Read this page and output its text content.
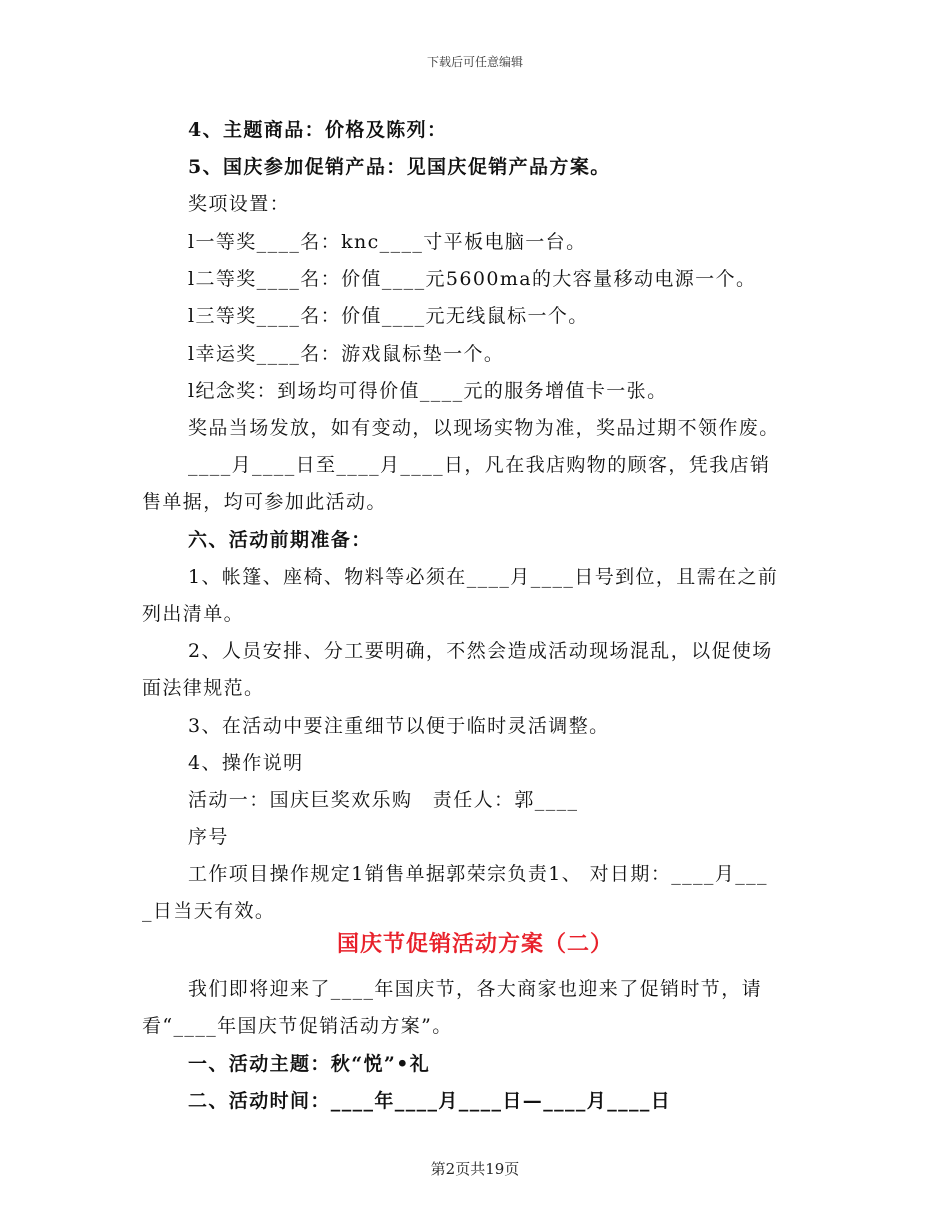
下载后可任意编辑
4、主题商品：价格及陈列：
5、国庆参加促销产品：见国庆促销产品方案。
奖项设置：
l一等奖____名：knc____寸平板电脑一台。
l二等奖____名：价值____元5600ma的大容量移动电源一个。
l三等奖____名：价值____元无线鼠标一个。
l幸运奖____名：游戏鼠标垫一个。
l纪念奖：到场均可得价值____元的服务增值卡一张。
奖品当场发放，如有变动，以现场实物为准，奖品过期不领作废。
____月____日至____月____日，凡在我店购物的顾客，凭我店销
售单据，均可参加此活动。
六、活动前期准备：
1、帐篷、座椅、物料等必须在____月____日号到位，且需在之前
列出清单。
2、人员安排、分工要明确，不然会造成活动现场混乱，以促使场
面法律规范。
3、在活动中要注重细节以便于临时灵活调整。
4、操作说明
活动一：国庆巨奖欢乐购　责任人：郭____
序号
工作项目操作规定1销售单据郭荣宗负责1、 对日期：____月___
_日当天有效。
国庆节促销活动方案（二）
我们即将迎来了____年国庆节，各大商家也迎来了促销时节，请
看“____年国庆节促销活动方案”。
一、活动主题：秋“悦”•礼
二、活动时间：____年____月____日—____月____日
第2页共19页
